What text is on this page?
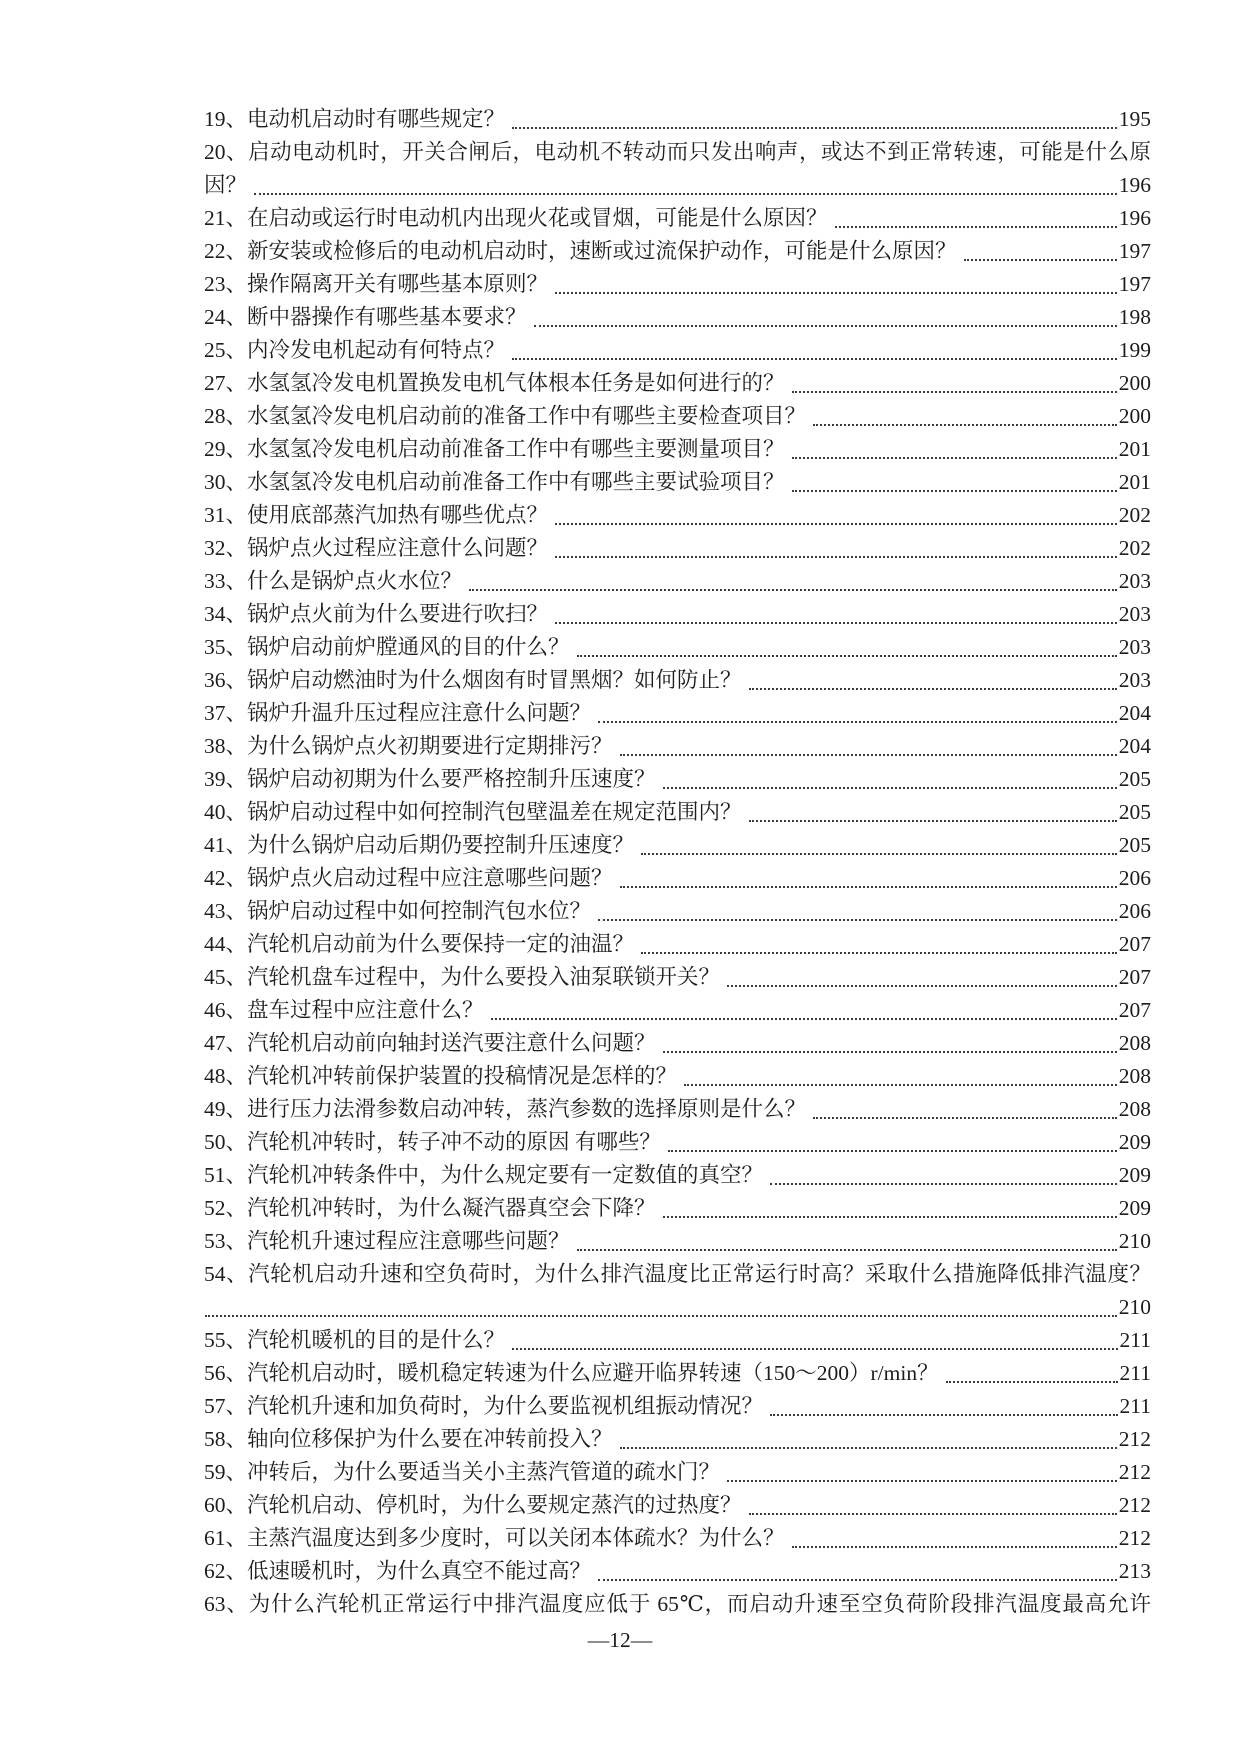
19、电动机启动时有哪些规定？	195
20、启动电动机时，开关合闸后，电动机不转动而只发出响声，或达不到正常转速，可能是什么原
因？	196
21、在启动或运行时电动机内出现火花或冒烟，可能是什么原因？	196
22、新安装或检修后的电动机启动时，速断或过流保护动作，可能是什么原因？	197
23、操作隔离开关有哪些基本原则？	197
24、断中器操作有哪些基本要求？	198
25、内冷发电机起动有何特点？	199
27、水氢氢冷发电机置换发电机气体根本任务是如何进行的？	200
28、水氢氢冷发电机启动前的准备工作中有哪些主要检查项目？	200
29、水氢氢冷发电机启动前准备工作中有哪些主要测量项目？	201
30、水氢氢冷发电机启动前准备工作中有哪些主要试验项目？	201
31、使用底部蒸汽加热有哪些优点？	202
32、锅炉点火过程应注意什么问题？	202
33、什么是锅炉点火水位？	203
34、锅炉点火前为什么要进行吹扫？	203
35、锅炉启动前炉膛通风的目的什么？	203
36、锅炉启动燃油时为什么烟囱有时冒黑烟？如何防止？	203
37、锅炉升温升压过程应注意什么问题？	204
38、为什么锅炉点火初期要进行定期排污？	204
39、锅炉启动初期为什么要严格控制升压速度？	205
40、锅炉启动过程中如何控制汽包壁温差在规定范围内？	205
41、为什么锅炉启动后期仍要控制升压速度？	205
42、锅炉点火启动过程中应注意哪些问题？	206
43、锅炉启动过程中如何控制汽包水位？	206
44、汽轮机启动前为什么要保持一定的油温？	207
45、汽轮机盘车过程中，为什么要投入油泵联锁开关？	207
46、盘车过程中应注意什么？	207
47、汽轮机启动前向轴封送汽要注意什么问题？	208
48、汽轮机冲转前保护装置的投稿情况是怎样的？	208
49、进行压力法滑参数启动冲转，蒸汽参数的选择原则是什么？	208
50、汽轮机冲转时，转子冲不动的原因 有哪些？	209
51、汽轮机冲转条件中，为什么规定要有一定数值的真空？	209
52、汽轮机冲转时，为什么凝汽器真空会下降？	209
53、汽轮机升速过程应注意哪些问题？	210
54、汽轮机启动升速和空负荷时，为什么排汽温度比正常运行时高？采取什么措施降低排汽温度？
210
55、汽轮机暖机的目的是什么？	211
56、汽轮机启动时，暖机稳定转速为什么应避开临界转速（150～200）r/min？	211
57、汽轮机升速和加负荷时，为什么要监视机组振动情况？	211
58、轴向位移保护为什么要在冲转前投入？	212
59、冲转后，为什么要适当关小主蒸汽管道的疏水门？	212
60、汽轮机启动、停机时，为什么要规定蒸汽的过热度？	212
61、主蒸汽温度达到多少度时，可以关闭本体疏水？为什么？	212
62、低速暖机时，为什么真空不能过高？	213
63、为什么汽轮机正常运行中排汽温度应低于 65℃，而启动升速至空负荷阶段排汽温度最高允许
—12—
